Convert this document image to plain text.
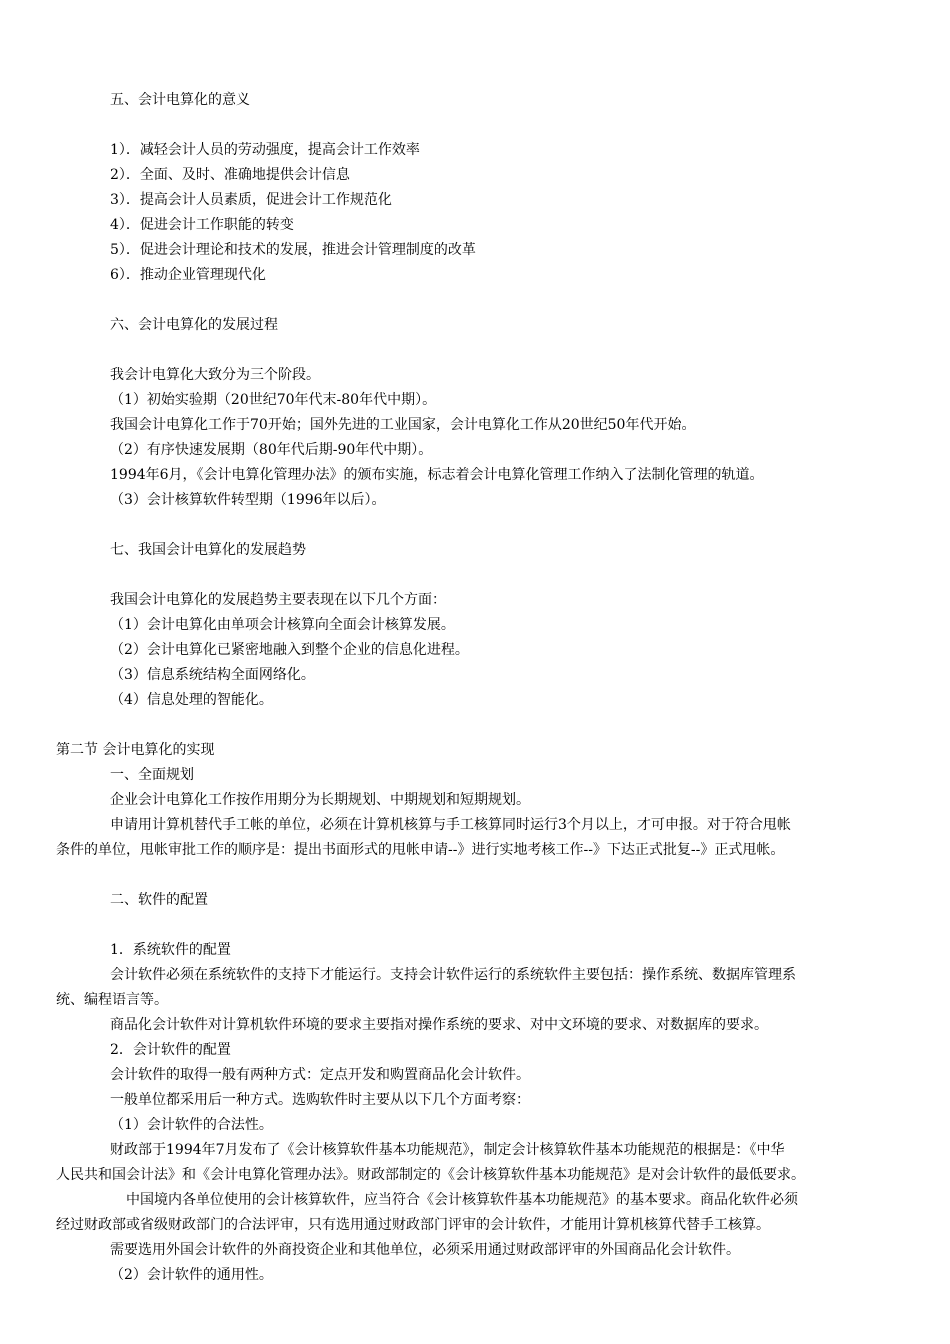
五、会计电算化的意义

1）．减轻会计人员的劳动强度，提高会计工作效率

2）．全面、及时、准确地提供会计信息

3）．提高会计人员素质，促进会计工作规范化

4）．促进会计工作职能的转变

5）．促进会计理论和技术的发展，推进会计管理制度的改革

6）．推动企业管理现代化

六、会计电算化的发展过程

我会计电算化大致分为三个阶段。

（1）初始实验期（20世纪70年代末-80年代中期）。

我国会计电算化工作于70开始；国外先进的工业国家，会计电算化工作从20世纪50年代开始。

（2）有序快速发展期（80年代后期-90年代中期）。

1994年6月，《会计电算化管理办法》的颁布实施，标志着会计电算化管理工作纳入了法制化管理的轨道。

（3）会计核算软件转型期（1996年以后）。

七、我国会计电算化的发展趋势

我国会计电算化的发展趋势主要表现在以下几个方面：

（1）会计电算化由单项会计核算向全面会计核算发展。

（2）会计电算化已紧密地融入到整个企业的信息化进程。

（3）信息系统结构全面网络化。

（4）信息处理的智能化。

第二节 会计电算化的实现

一、全面规划

企业会计电算化工作按作用期分为长期规划、中期规划和短期规划。

申请用计算机替代手工帐的单位，必须在计算机核算与手工核算同时运行3个月以上，才可申报。对于符合甩帐

条件的单位，甩帐审批工作的顺序是：提出书面形式的甩帐申请--》进行实地考核工作--》下达正式批复--》正式甩帐。

二、软件的配置

1．系统软件的配置

会计软件必须在系统软件的支持下才能运行。支持会计软件运行的系统软件主要包括：操作系统、数据库管理系

统、编程语言等。

商品化会计软件对计算机软件环境的要求主要指对操作系统的要求、对中文环境的要求、对数据库的要求。

2．会计软件的配置

会计软件的取得一般有两种方式：定点开发和购置商品化会计软件。

一般单位都采用后一种方式。选购软件时主要从以下几个方面考察：

（1）会计软件的合法性。

财政部于1994年7月发布了《会计核算软件基本功能规范》，制定会计核算软件基本功能规范的根据是：《中华

人民共和国会计法》和《会计电算化管理办法》。财政部制定的《会计核算软件基本功能规范》是对会计软件的最低要求。

中国境内各单位使用的会计核算软件，应当符合《会计核算软件基本功能规范》的基本要求。商品化软件必须

经过财政部或省级财政部门的合法评审，只有选用通过财政部门评审的会计软件，才能用计算机核算代替手工核算。

需要选用外国会计软件的外商投资企业和其他单位，必须采用通过财政部评审的外国商品化会计软件。

（2）会计软件的通用性。
